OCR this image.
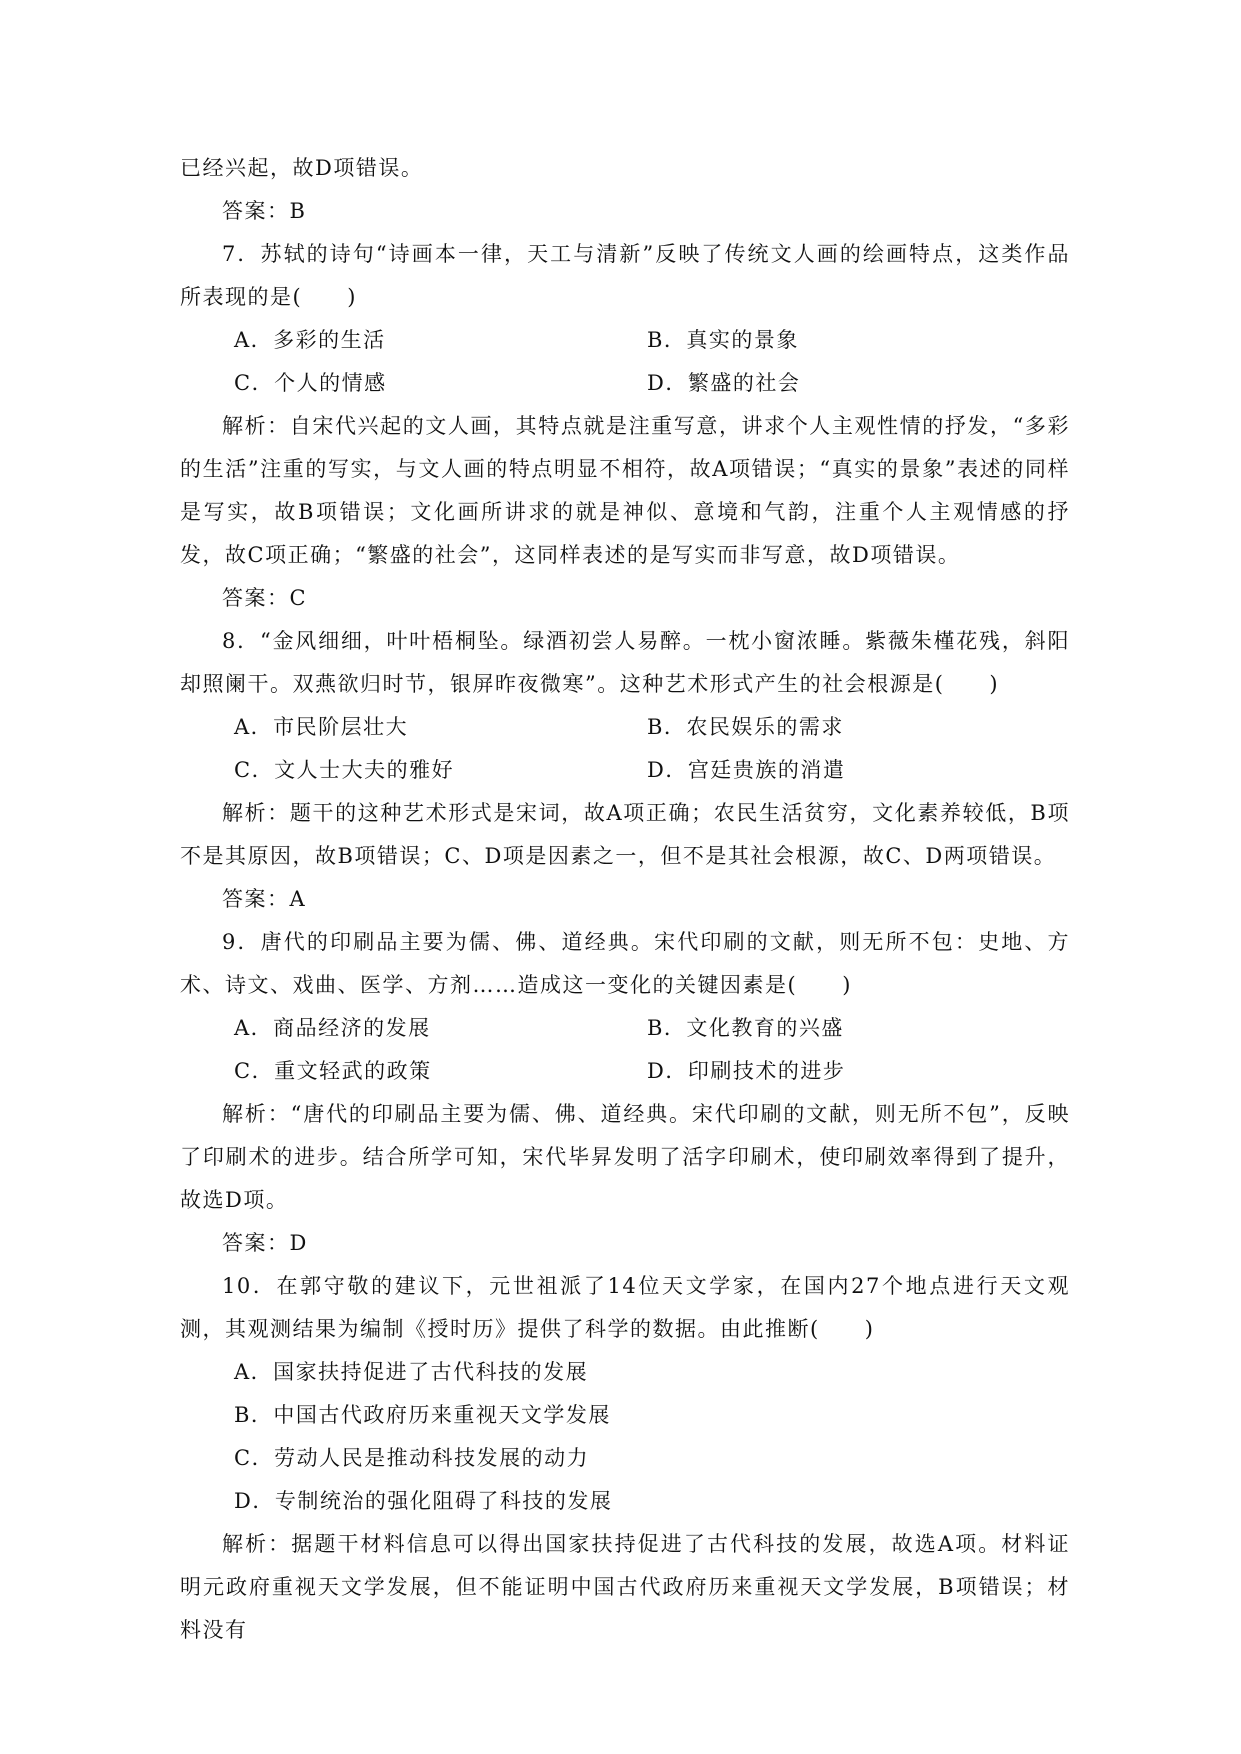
已经兴起，故D项错误。

答案：B

7．苏轼的诗句“诗画本一律，天工与清新”反映了传统文人画的绘画特点，这类作品所表现的是(　　)

A．多彩的生活	B．真实的景象

C．个人的情感	D．繁盛的社会

解析：自宋代兴起的文人画，其特点就是注重写意，讲求个人主观性情的抒发，“多彩的生活”注重的写实，与文人画的特点明显不相符，故A项错误；“真实的景象”表述的同样是写实，故B项错误；文化画所讲求的就是神似、意境和气韵，注重个人主观情感的抒发，故C项正确；“繁盛的社会”，这同样表述的是写实而非写意，故D项错误。

答案：C

8．“金风细细，叶叶梧桐坠。绿酒初尝人易醉。一枕小窗浓睡。紫薇朱槿花残，斜阳却照阑干。双燕欲归时节，银屏昨夜微寒”。这种艺术形式产生的社会根源是(　　)

A．市民阶层壮大	B．农民娱乐的需求

C．文人士大夫的雅好	D．宫廷贵族的消遣

解析：题干的这种艺术形式是宋词，故A项正确；农民生活贫穷，文化素养较低，B项不是其原因，故B项错误；C、D项是因素之一，但不是其社会根源，故C、D两项错误。

答案：A

9．唐代的印刷品主要为儒、佛、道经典。宋代印刷的文献，则无所不包：史地、方术、诗文、戏曲、医学、方剂……造成这一变化的关键因素是(　　)

A．商品经济的发展	B．文化教育的兴盛

C．重文轻武的政策	D．印刷技术的进步

解析：“唐代的印刷品主要为儒、佛、道经典。宋代印刷的文献，则无所不包”，反映了印刷术的进步。结合所学可知，宋代毕昇发明了活字印刷术，使印刷效率得到了提升，故选D项。

答案：D

10．在郭守敬的建议下，元世祖派了14位天文学家，在国内27个地点进行天文观测，其观测结果为编制《授时历》提供了科学的数据。由此推断(　　)

A．国家扶持促进了古代科技的发展

B．中国古代政府历来重视天文学发展

C．劳动人民是推动科技发展的动力

D．专制统治的强化阻碍了科技的发展

解析：据题干材料信息可以得出国家扶持促进了古代科技的发展，故选A项。材料证明元政府重视天文学发展，但不能证明中国古代政府历来重视天文学发展，B项错误；材料没有
